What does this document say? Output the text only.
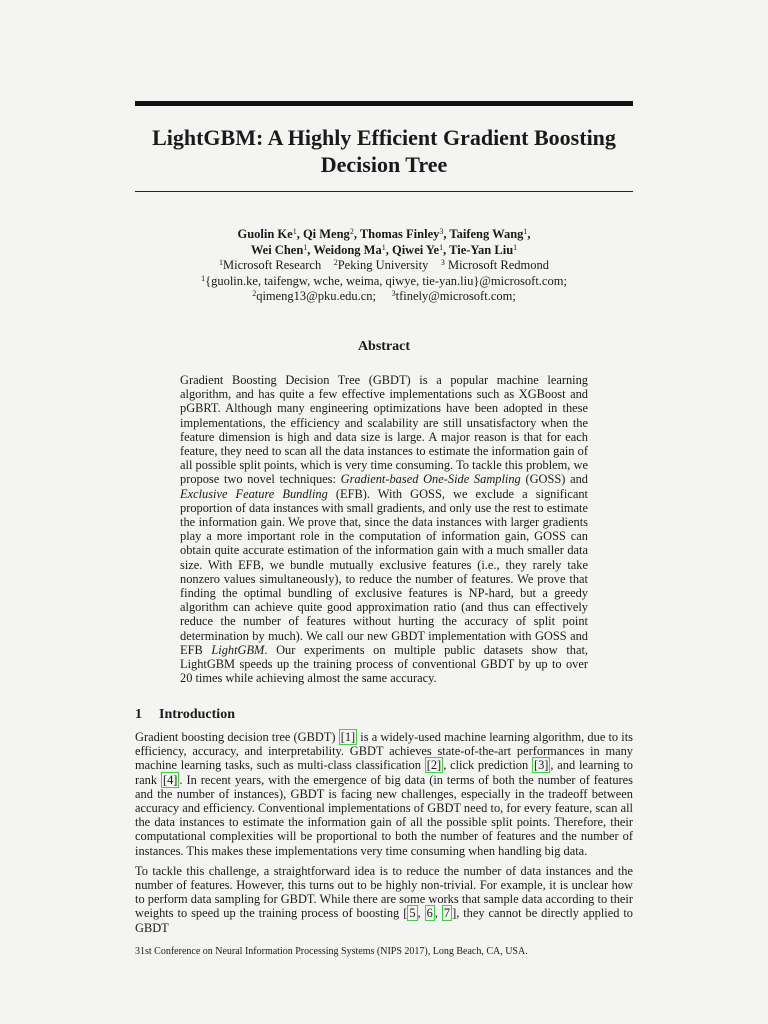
LightGBM: A Highly Efficient Gradient Boosting Decision Tree
Guolin Ke$^1$, Qi Meng$^2$, Thomas Finley$^3$, Taifeng Wang$^1$,
Wei Chen$^1$, Weidong Ma$^1$, Qiwei Ye$^1$, Tie-Yan Liu$^1$
$^1$Microsoft Research $^2$Peking University $^3$ Microsoft Redmond
$^1${guolin.ke, taifengw, wche, weima, qiwye, tie-yan.liu}@microsoft.com;
$^2$qimeng13@pku.edu.cn; $^3$tfinely@microsoft.com;
Abstract
Gradient Boosting Decision Tree (GBDT) is a popular machine learning algorithm, and has quite a few effective implementations such as XGBoost and pGBRT. Although many engineering optimizations have been adopted in these implementations, the efficiency and scalability are still unsatisfactory when the feature dimension is high and data size is large. A major reason is that for each feature, they need to scan all the data instances to estimate the information gain of all possible split points, which is very time consuming. To tackle this problem, we propose two novel techniques: Gradient-based One-Side Sampling (GOSS) and Exclusive Feature Bundling (EFB). With GOSS, we exclude a significant proportion of data instances with small gradients, and only use the rest to estimate the information gain. We prove that, since the data instances with larger gradients play a more important role in the computation of information gain, GOSS can obtain quite accurate estimation of the information gain with a much smaller data size. With EFB, we bundle mutually exclusive features (i.e., they rarely take nonzero values simultaneously), to reduce the number of features. We prove that finding the optimal bundling of exclusive features is NP-hard, but a greedy algorithm can achieve quite good approximation ratio (and thus can effectively reduce the number of features without hurting the accuracy of split point determination by much). We call our new GBDT implementation with GOSS and EFB LightGBM. Our experiments on multiple public datasets show that, LightGBM speeds up the training process of conventional GBDT by up to over 20 times while achieving almost the same accuracy.
1 Introduction

Gradient boosting decision tree (GBDT) [1] is a widely-used machine learning algorithm, due to its efficiency, accuracy, and interpretability. GBDT achieves state-of-the-art performances in many machine learning tasks, such as multi-class classification [2] , click prediction [3] , and learning to rank [4] . In recent years, with the emergence of big data (in terms of both the number of features and the number of instances), GBDT is facing new challenges, especially in the tradeoff between accuracy and efficiency. Conventional implementations of GBDT need to, for every feature, scan all the data instances to estimate the information gain of all the possible split points. Therefore, their computational complexities will be proportional to both the number of features and the number of instances. This makes these implementations very time consuming when handling big data.

To tackle this challenge, a straightforward idea is to reduce the number of data instances and the number of features. However, this turns out to be highly non-trivial. For example, it is unclear how to perform data sampling for GBDT. While there are some works that sample data according to their weights to speed up the training process of boosting [ 5 , 6 , 7 ], they cannot be directly applied to GBDT

31st Conference on Neural Information Processing Systems (NIPS 2017), Long Beach, CA, USA.
